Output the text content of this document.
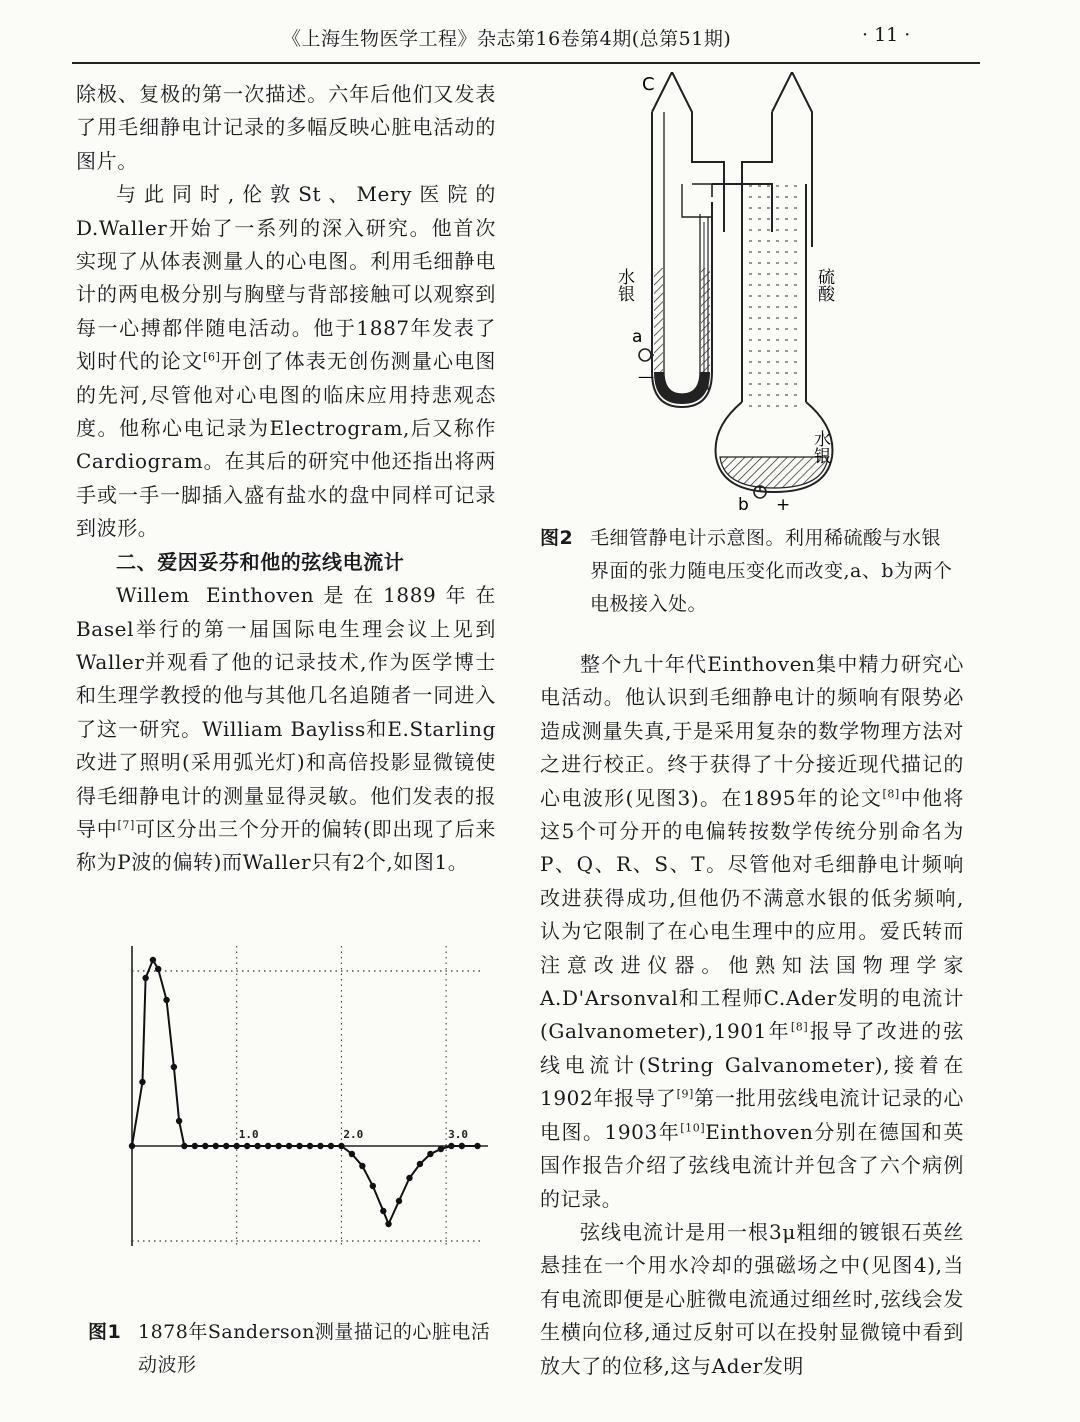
《上海生物医学工程》杂志第16卷第4期(总第51期)	· 11 ·

除极、复极的第一次描述。六年后他们又发表了用毛细静电计记录的多幅反映心脏电活动的图片。

与此同时,伦敦St、Mery医院的D.Waller开始了一系列的深入研究。他首次实现了从体表测量人的心电图。利用毛细静电计的两电极分别与胸壁与背部接触可以观察到每一心搏都伴随电活动。他于1887年发表了划时代的论文[6]开创了体表无创伤测量心电图的先河,尽管他对心电图的临床应用持悲观态度。他称心电记录为Electrogram,后又称作Cardiogram。在其后的研究中他还指出将两手或一手一脚插入盛有盐水的盘中同样可记录到波形。

二、爱因妥芬和他的弦线电流计

Willem Einthoven是在1889年在Basel举行的第一届国际电生理会议上见到Waller并观看了他的记录技术,作为医学博士和生理学教授的他与其他几名追随者一同进入了这一研究。William Bayliss和E.Starling改进了照明(采用弧光灯)和高倍投影显微镜使得毛细静电计的测量显得灵敏。他们发表的报导中[7]可区分出三个分开的偏转(即出现了后来称为P波的偏转)而Waller只有2个,如图1。

C
a
—
b +
水银	硫酸
水银
图2 毛细管静电计示意图。利用稀硫酸与水银界面的张力随电压变化而改变,a、b为两个电极接入处。

整个九十年代Einthoven集中精力研究心电活动。他认识到毛细静电计的频响有限势必造成测量失真,于是采用复杂的数学物理方法对之进行校正。终于获得了十分接近现代描记的心电波形(见图3)。在1895年的论文[8]中他将这5个可分开的电偏转按数学传统分别命名为P、Q、R、S、T。尽管他对毛细静电计频响改进获得成功,但他仍不满意水银的低劣频响,认为它限制了在心电生理中的应用。爱氏转而注意改进仪器。他熟知法国物理学家A.D'Arsonval和工程师C.Ader发明的电流计(Galvanometer),1901年[8]报导了改进的弦线电流计(String Galvanometer),接着在1902年报导了[9]第一批用弦线电流计记录的心电图。1903年[10]Einthoven分别在德国和英国作报告介绍了弦线电流计并包含了六个病例的记录。

弦线电流计是用一根3μ粗细的镀银石英丝悬挂在一个用水冷却的强磁场之中(见图4),当有电流即便是心脏微电流通过细丝时,弦线会发生横向位移,通过反射可以在投射显微镜中看到放大了的位移,这与Ader发明

1.0	2.0	3.0
图1 1878年Sanderson测量描记的心脏电活动波形
